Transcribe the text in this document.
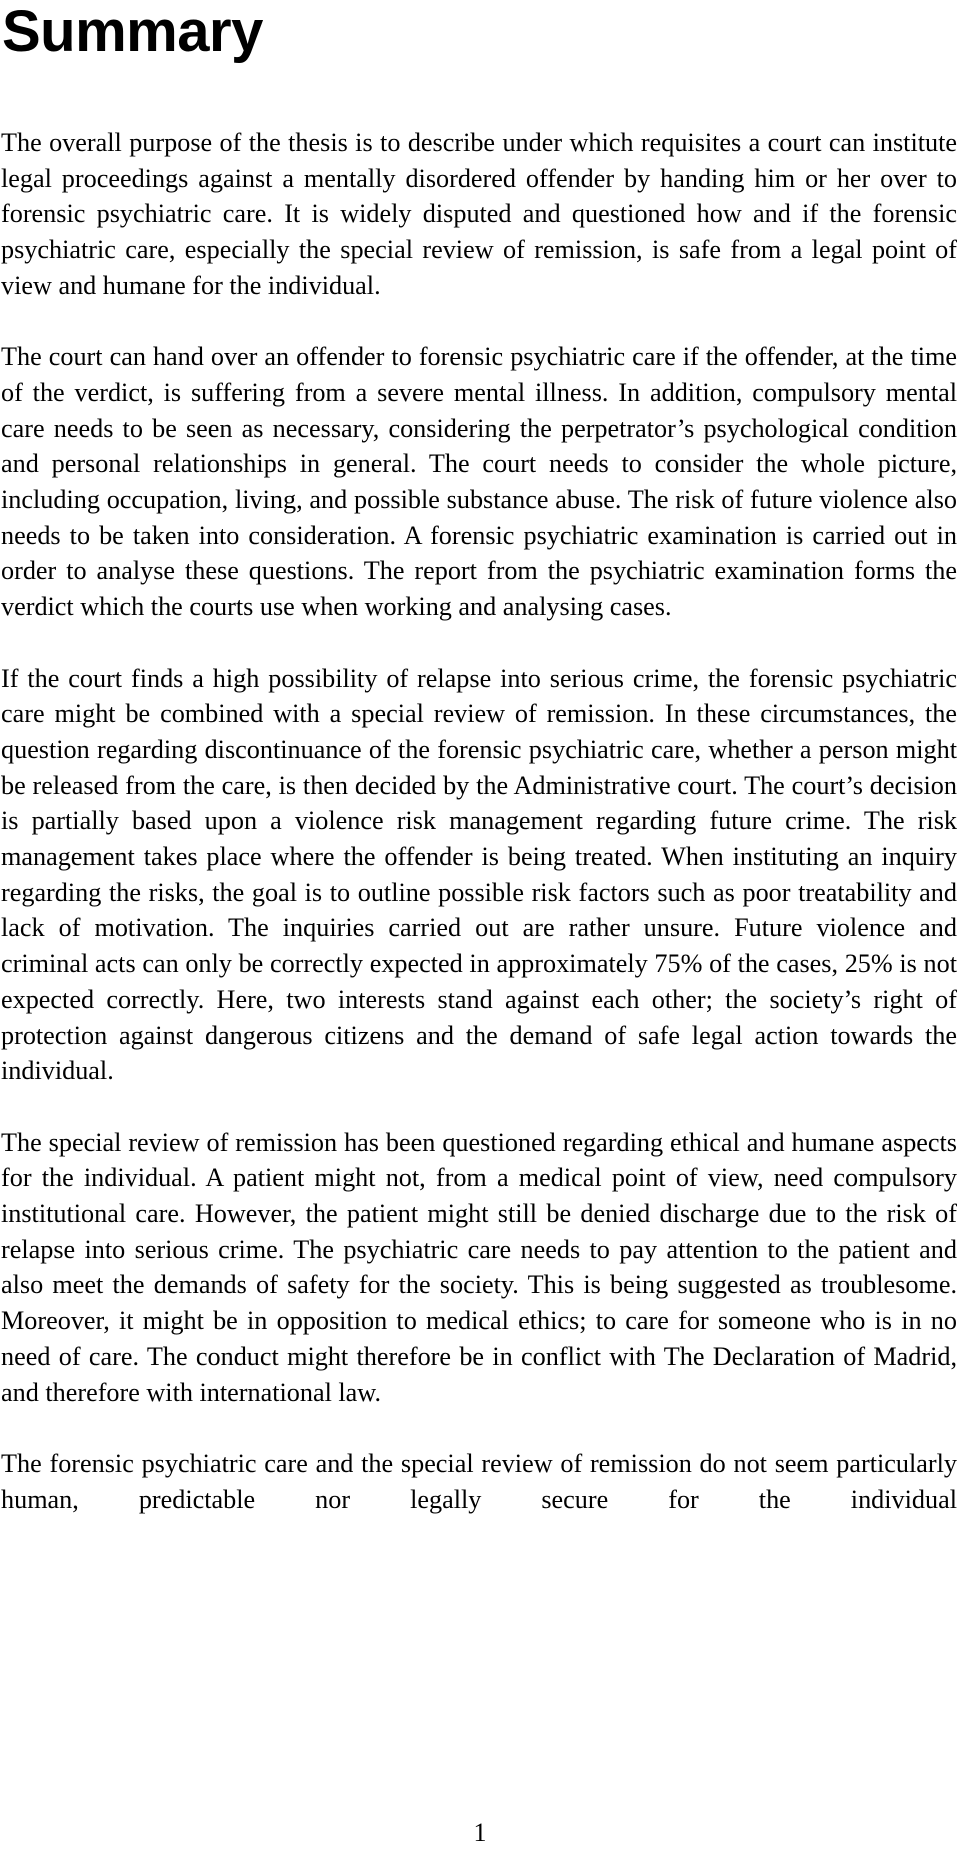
Summary

The overall purpose of the thesis is to describe under which requisites a court can institute legal proceedings against a mentally disordered offender by handing him or her over to forensic psychiatric care. It is widely disputed and questioned how and if the forensic psychiatric care, especially the special review of remission, is safe from a legal point of view and humane for the individual.

The court can hand over an offender to forensic psychiatric care if the offender, at the time of the verdict, is suffering from a severe mental illness. In addition, compulsory mental care needs to be seen as necessary, considering the perpetrator’s psychological condition and personal relationships in general. The court needs to consider the whole picture, including occupation, living, and possible substance abuse. The risk of future violence also needs to be taken into consideration. A forensic psychiatric examination is carried out in order to analyse these questions. The report from the psychiatric examination forms the verdict which the courts use when working and analysing cases.

If the court finds a high possibility of relapse into serious crime, the forensic psychiatric care might be combined with a special review of remission. In these circumstances, the question regarding discontinuance of the forensic psychiatric care, whether a person might be released from the care, is then decided by the Administrative court. The court’s decision is partially based upon a violence risk management regarding future crime. The risk management takes place where the offender is being treated. When instituting an inquiry regarding the risks, the goal is to outline possible risk factors such as poor treatability and lack of motivation. The inquiries carried out are rather unsure. Future violence and criminal acts can only be correctly expected in approximately 75% of the cases, 25% is not expected correctly. Here, two interests stand against each other; the society’s right of protection against dangerous citizens and the demand of safe legal action towards the individual.

The special review of remission has been questioned regarding ethical and humane aspects for the individual. A patient might not, from a medical point of view, need compulsory institutional care. However, the patient might still be denied discharge due to the risk of relapse into serious crime. The psychiatric care needs to pay attention to the patient and also meet the demands of safety for the society. This is being suggested as troublesome. Moreover, it might be in opposition to medical ethics; to care for someone who is in no need of care. The conduct might therefore be in conflict with The Declaration of Madrid, and therefore with international law.

The forensic psychiatric care and the special review of remission do not seem particularly human, predictable nor legally secure for the individual

1
